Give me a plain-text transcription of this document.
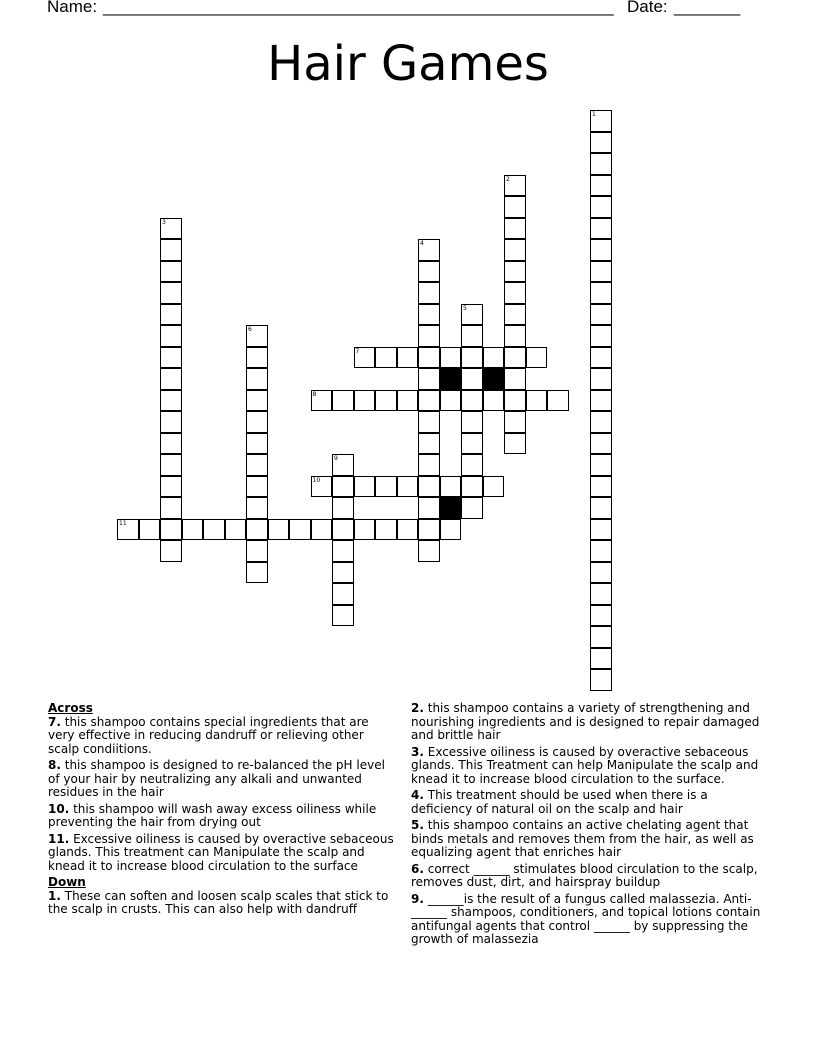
Name: ______________________________________________________ Date: _______
Hair Games
1
2
3
4
5
6
7
8
9
10
11
Across
7. this shampoo contains special ingredients that are very effective in reducing dandruff or relieving other scalp condiitions.
8. this shampoo is designed to re-balanced the pH level of your hair by neutralizing any alkali and unwanted residues in the hair
10. this shampoo will wash away excess oiliness while preventing the hair from drying out
11. Excessive oiliness is caused by overactive sebaceous glands. This treatment can Manipulate the scalp and knead it to increase blood circulation to the surface
Down
1. These can soften and loosen scalp scales that stick to the scalp in crusts. This can also help with dandruff
2. this shampoo contains a variety of strengthening and nourishing ingredients and is designed to repair damaged and brittle hair
3. Excessive oiliness is caused by overactive sebaceous glands. This Treatment can help Manipulate the scalp and knead it to increase blood circulation to the surface.
4. This treatment should be used when there is a deficiency of natural oil on the scalp and hair
5. this shampoo contains an active chelating agent that binds metals and removes them from the hair, as well as equalizing agent that enriches hair
6. correct ______ stimulates blood circulation to the scalp, removes dust, dirt, and hairspray buildup
9. ______is the result of a fungus called malassezia. Anti-______ shampoos, conditioners, and topical lotions contain antifungal agents that control ______ by suppressing the growth of malassezia
